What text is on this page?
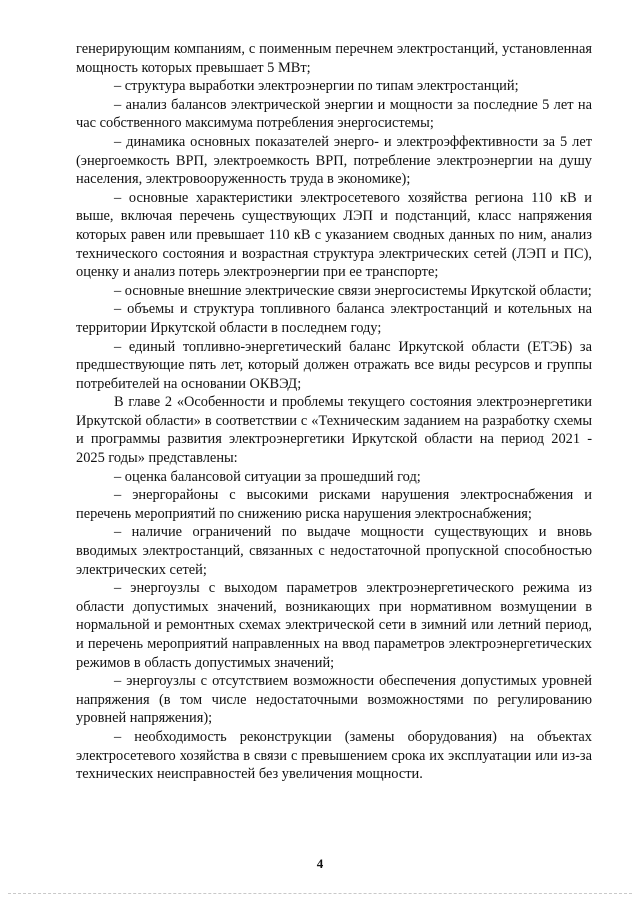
генерирующим компаниям, с поименным перечнем электростанций, установленная мощность которых превышает 5 МВт;

– структура выработки электроэнергии по типам электростанций;

– анализ балансов электрической энергии и мощности за последние 5 лет на час собственного максимума потребления энергосистемы;

– динамика основных показателей энерго- и электроэффективности за 5 лет (энергоемкость ВРП, электроемкость ВРП, потребление электроэнергии на душу населения, электровооруженность труда в экономике);

– основные характеристики электросетевого хозяйства региона 110 кВ и выше, включая перечень существующих ЛЭП и подстанций, класс напряжения которых равен или превышает 110 кВ с указанием сводных данных по ним, анализ технического состояния и возрастная структура электрических сетей (ЛЭП и ПС), оценку и анализ потерь электроэнергии при ее транспорте;

– основные внешние электрические связи энергосистемы Иркутской области;

– объемы и структура топливного баланса электростанций и котельных на территории Иркутской области в последнем году;

– единый топливно-энергетический баланс Иркутской области (ЕТЭБ) за предшествующие пять лет, который должен отражать все виды ресурсов и группы потребителей на основании ОКВЭД;

В главе 2 «Особенности и проблемы текущего состояния электроэнергетики Иркутской области» в соответствии с «Техническим заданием на разработку схемы и программы развития электроэнергетики Иркутской области на период 2021 - 2025 годы» представлены:

– оценка балансовой ситуации за прошедший год;

– энергорайоны с высокими рисками нарушения электроснабжения и перечень мероприятий по снижению риска нарушения электроснабжения;

– наличие ограничений по выдаче мощности существующих и вновь вводимых электростанций, связанных с недостаточной пропускной способностью электрических сетей;

– энергоузлы с выходом параметров электроэнергетического режима из области допустимых значений, возникающих при нормативном возмущении в нормальной и ремонтных схемах электрической сети в зимний или летний период, и перечень мероприятий направленных на ввод параметров электроэнергетических режимов в область допустимых значений;

– энергоузлы с отсутствием возможности обеспечения допустимых уровней напряжения (в том числе недостаточными возможностями по регулированию уровней напряжения);

– необходимость реконструкции (замены оборудования) на объектах электросетевого хозяйства в связи с превышением срока их эксплуатации или из-за технических неисправностей без увеличения мощности.

4
